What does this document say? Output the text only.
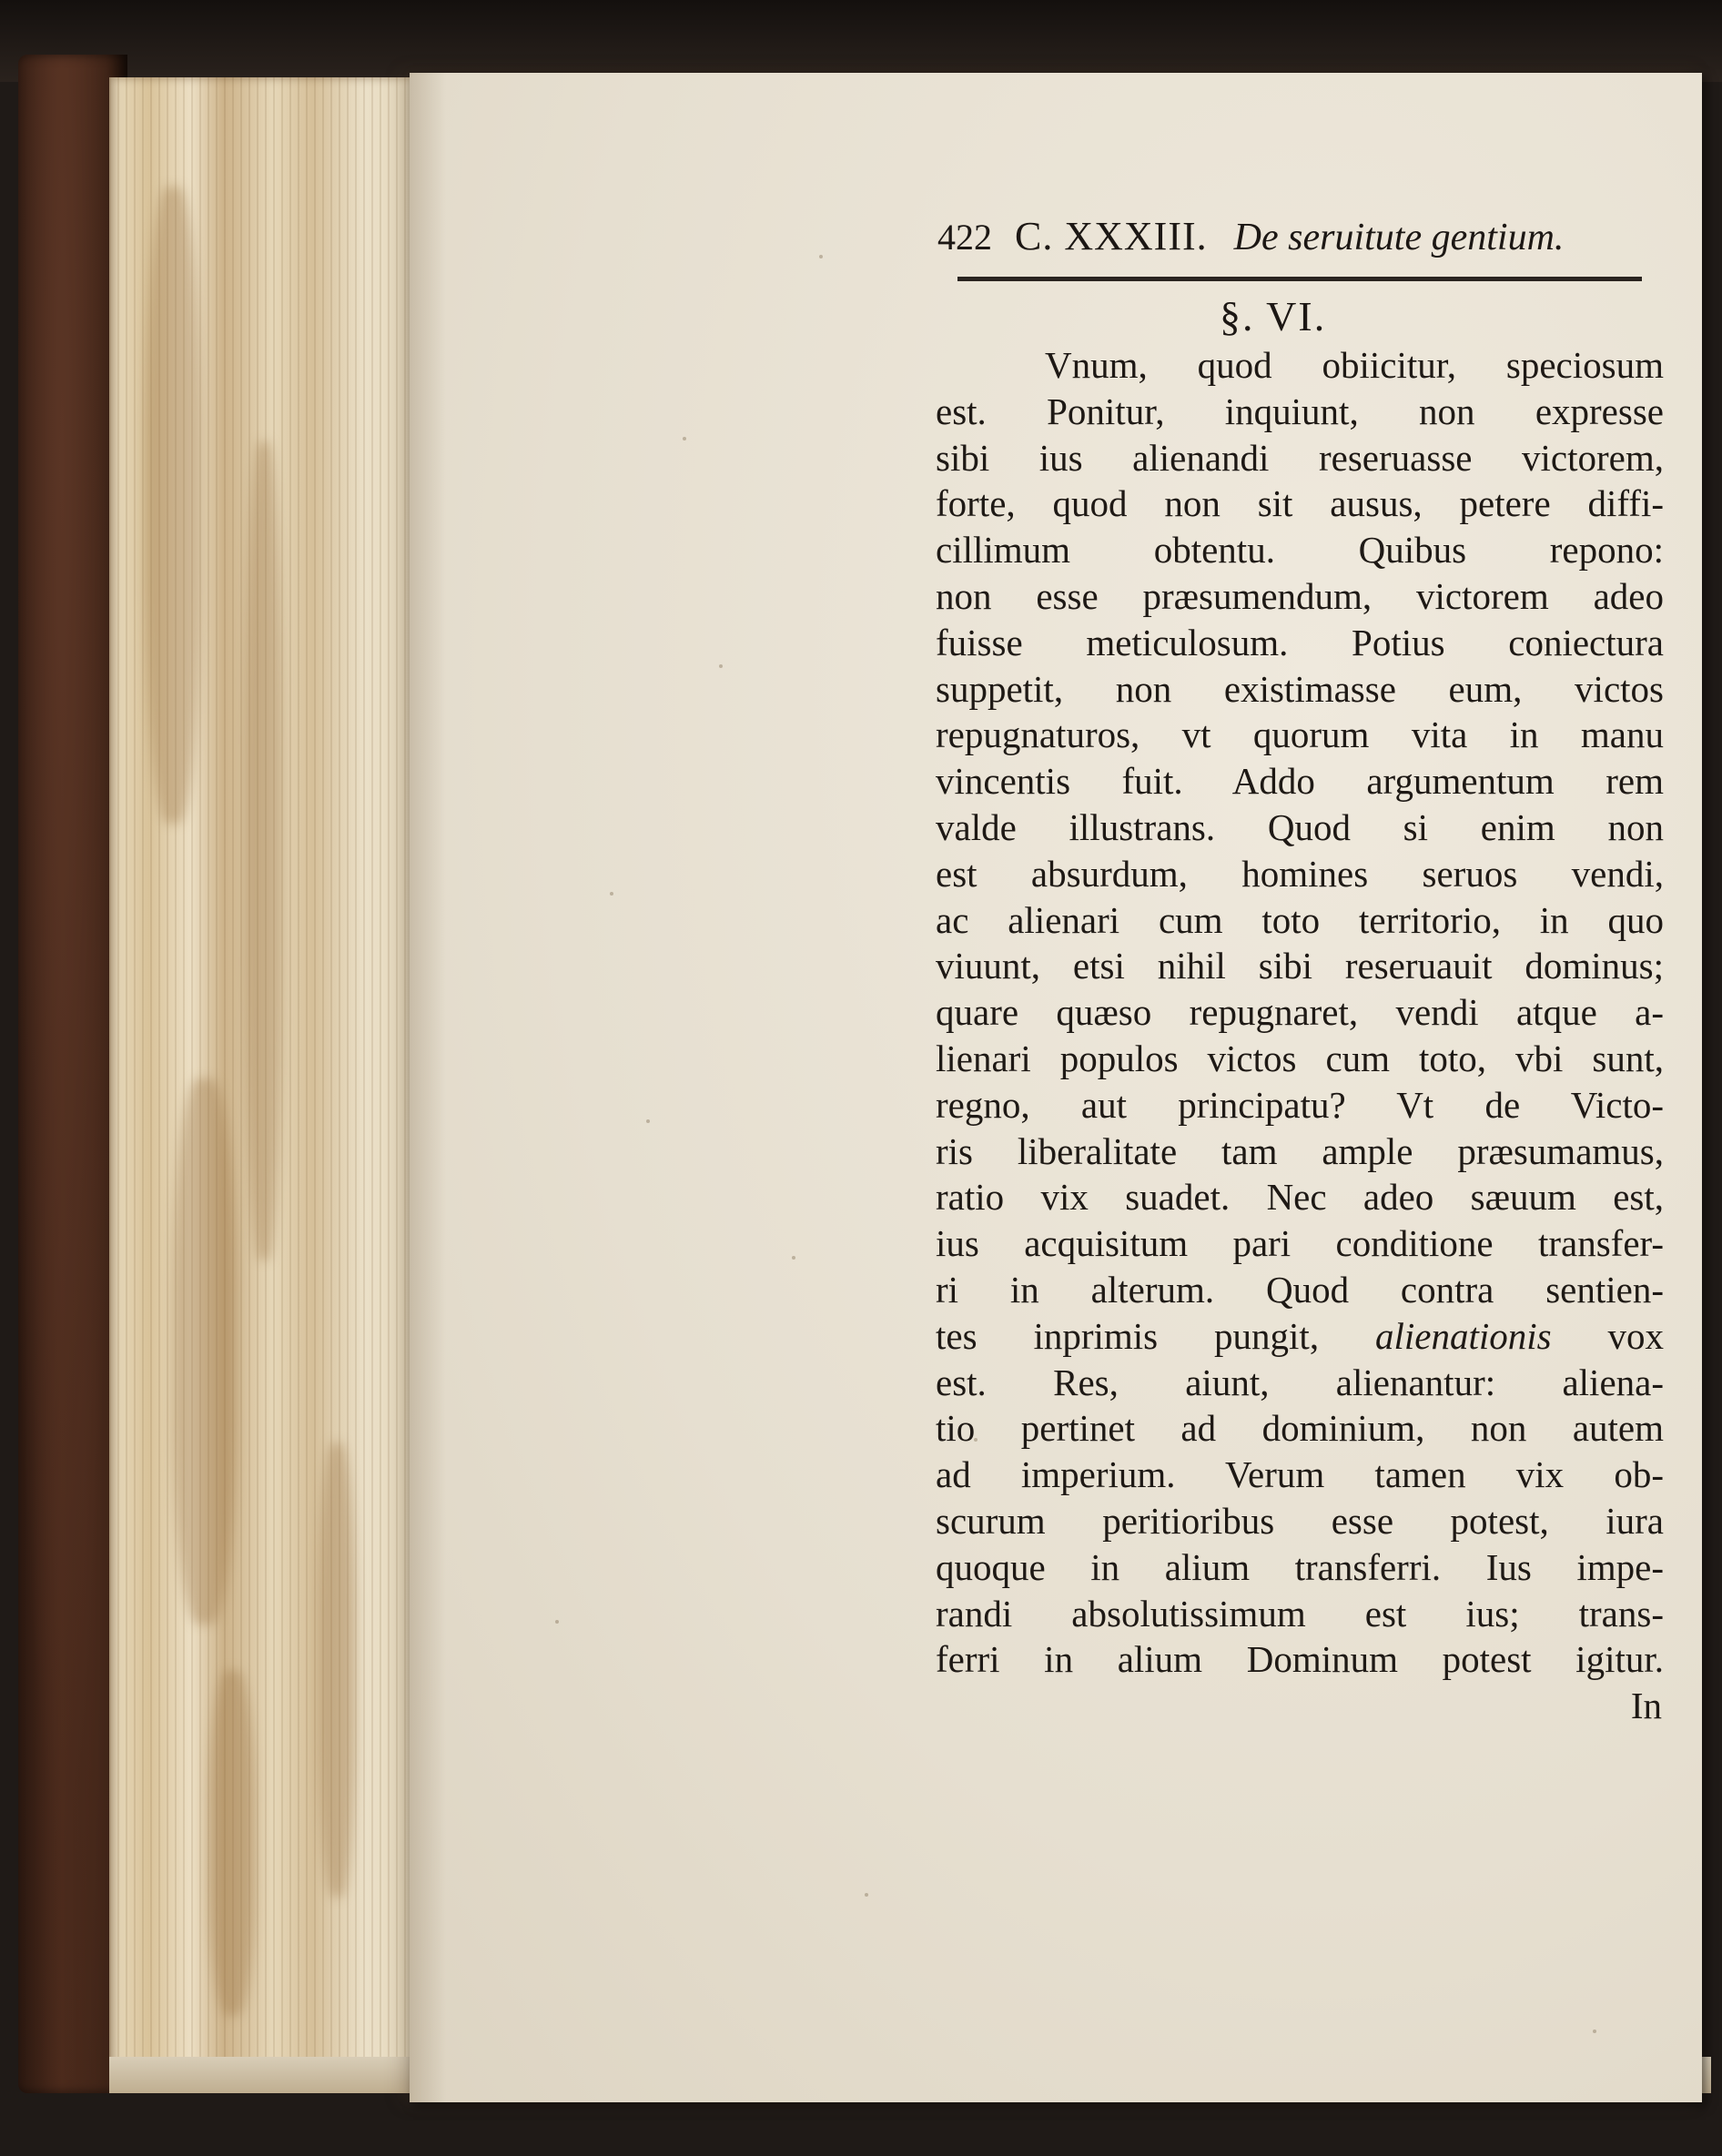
422 C. XXXIII. De seruitute gentium.
§. VI.
Vnum, quod obiicitur, speciosum
est. Ponitur, inquiunt, non expresse
sibi ius alienandi reseruasse victorem,
forte, quod non sit ausus, petere diffi-
cillimum obtentu. Quibus repono:
non esse præsumendum, victorem adeo
fuisse meticulosum. Potius coniectura
suppetit, non existimasse eum, victos
repugnaturos, vt quorum vita in manu
vincentis fuit. Addo argumentum rem
valde illustrans. Quod si enim non
est absurdum, homines seruos vendi,
ac alienari cum toto territorio, in quo
viuunt, etsi nihil sibi reseruauit dominus;
quare quæso repugnaret, vendi atque a-
lienari populos victos cum toto, vbi sunt,
regno, aut principatu? Vt de Victo-
ris liberalitate tam ample præsumamus,
ratio vix suadet. Nec adeo sæuum est,
ius acquisitum pari conditione transfer-
ri in alterum. Quod contra sentien-
tes inprimis pungit, alienationis vox
est. Res, aiunt, alienantur: aliena-
tio pertinet ad dominium, non autem
ad imperium. Verum tamen vix ob-
scurum peritioribus esse potest, iura
quoque in alium transferri. Ius impe-
randi absolutissimum est ius; trans-
ferri in alium Dominum potest igitur.
In
